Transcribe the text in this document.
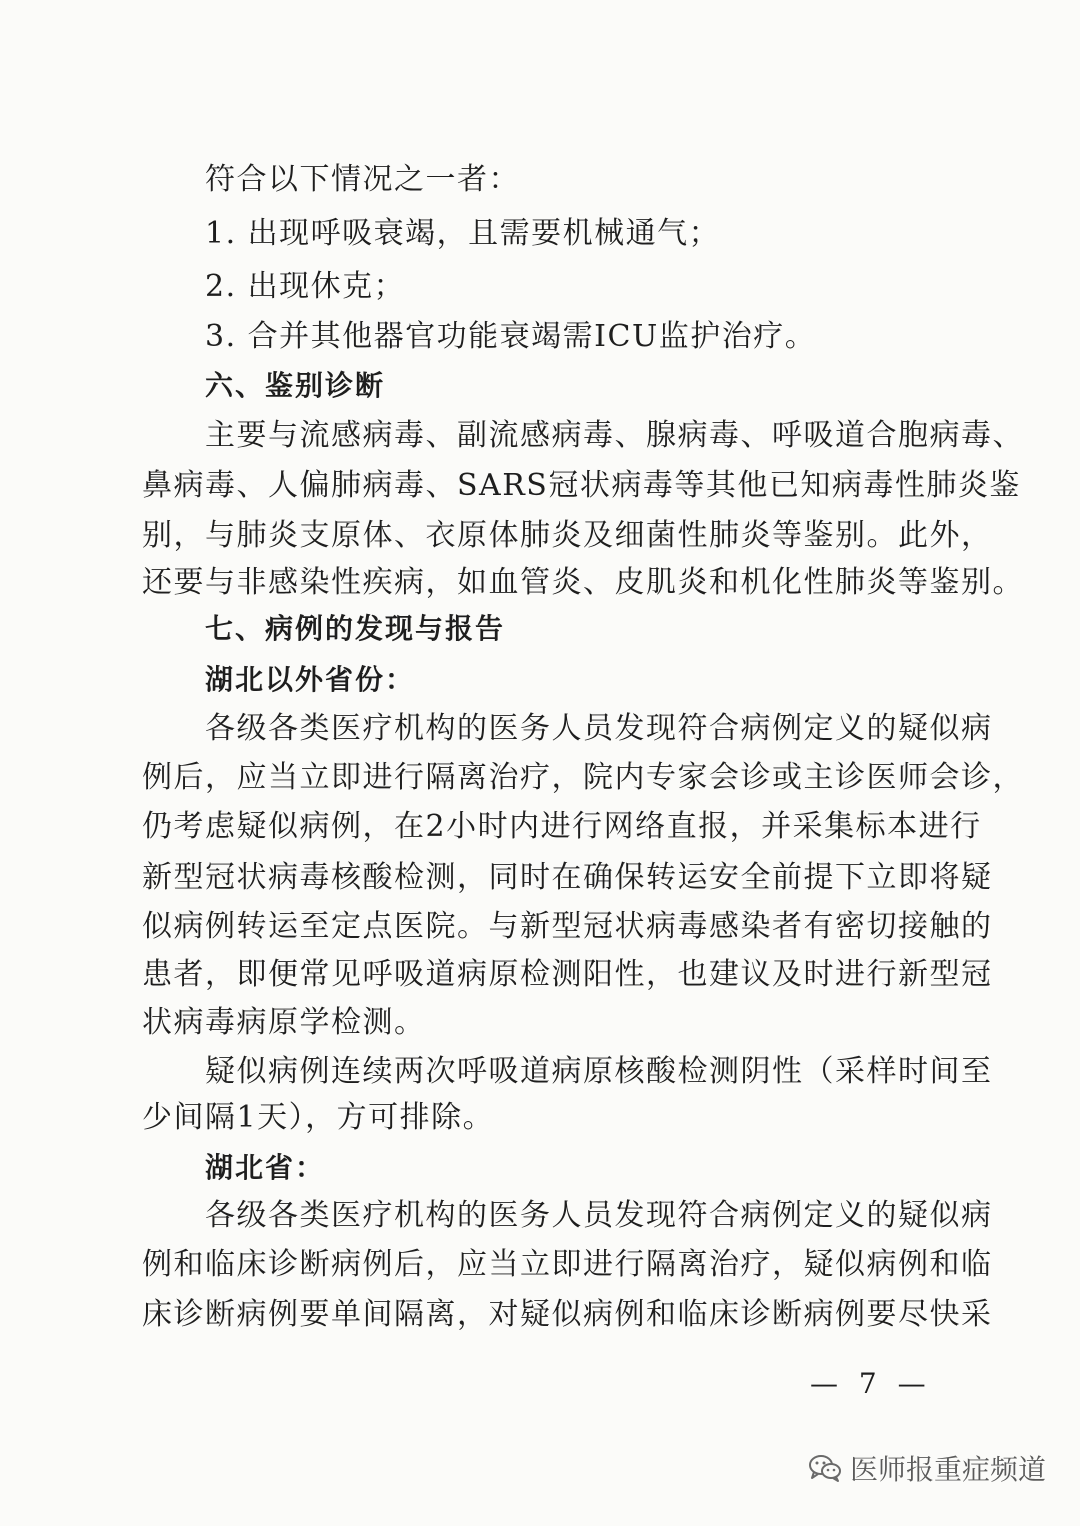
符合以下情况之一者：
1. 出现呼吸衰竭，且需要机械通气；
2. 出现休克；
3. 合并其他器官功能衰竭需ICU监护治疗。
六、鉴别诊断
主要与流感病毒、副流感病毒、腺病毒、呼吸道合胞病毒、
鼻病毒、人偏肺病毒、SARS冠状病毒等其他已知病毒性肺炎鉴
别，与肺炎支原体、衣原体肺炎及细菌性肺炎等鉴别。此外，
还要与非感染性疾病，如血管炎、皮肌炎和机化性肺炎等鉴别。
七、病例的发现与报告
湖北以外省份：
各级各类医疗机构的医务人员发现符合病例定义的疑似病
例后，应当立即进行隔离治疗，院内专家会诊或主诊医师会诊，
仍考虑疑似病例，在2小时内进行网络直报，并采集标本进行
新型冠状病毒核酸检测，同时在确保转运安全前提下立即将疑
似病例转运至定点医院。与新型冠状病毒感染者有密切接触的
患者，即便常见呼吸道病原检测阳性，也建议及时进行新型冠
状病毒病原学检测。
疑似病例连续两次呼吸道病原核酸检测阴性（采样时间至
少间隔1天），方可排除。
湖北省：
各级各类医疗机构的医务人员发现符合病例定义的疑似病
例和临床诊断病例后，应当立即进行隔离治疗，疑似病例和临
床诊断病例要单间隔离，对疑似病例和临床诊断病例要尽快采
— 7 —
医师报重症频道
